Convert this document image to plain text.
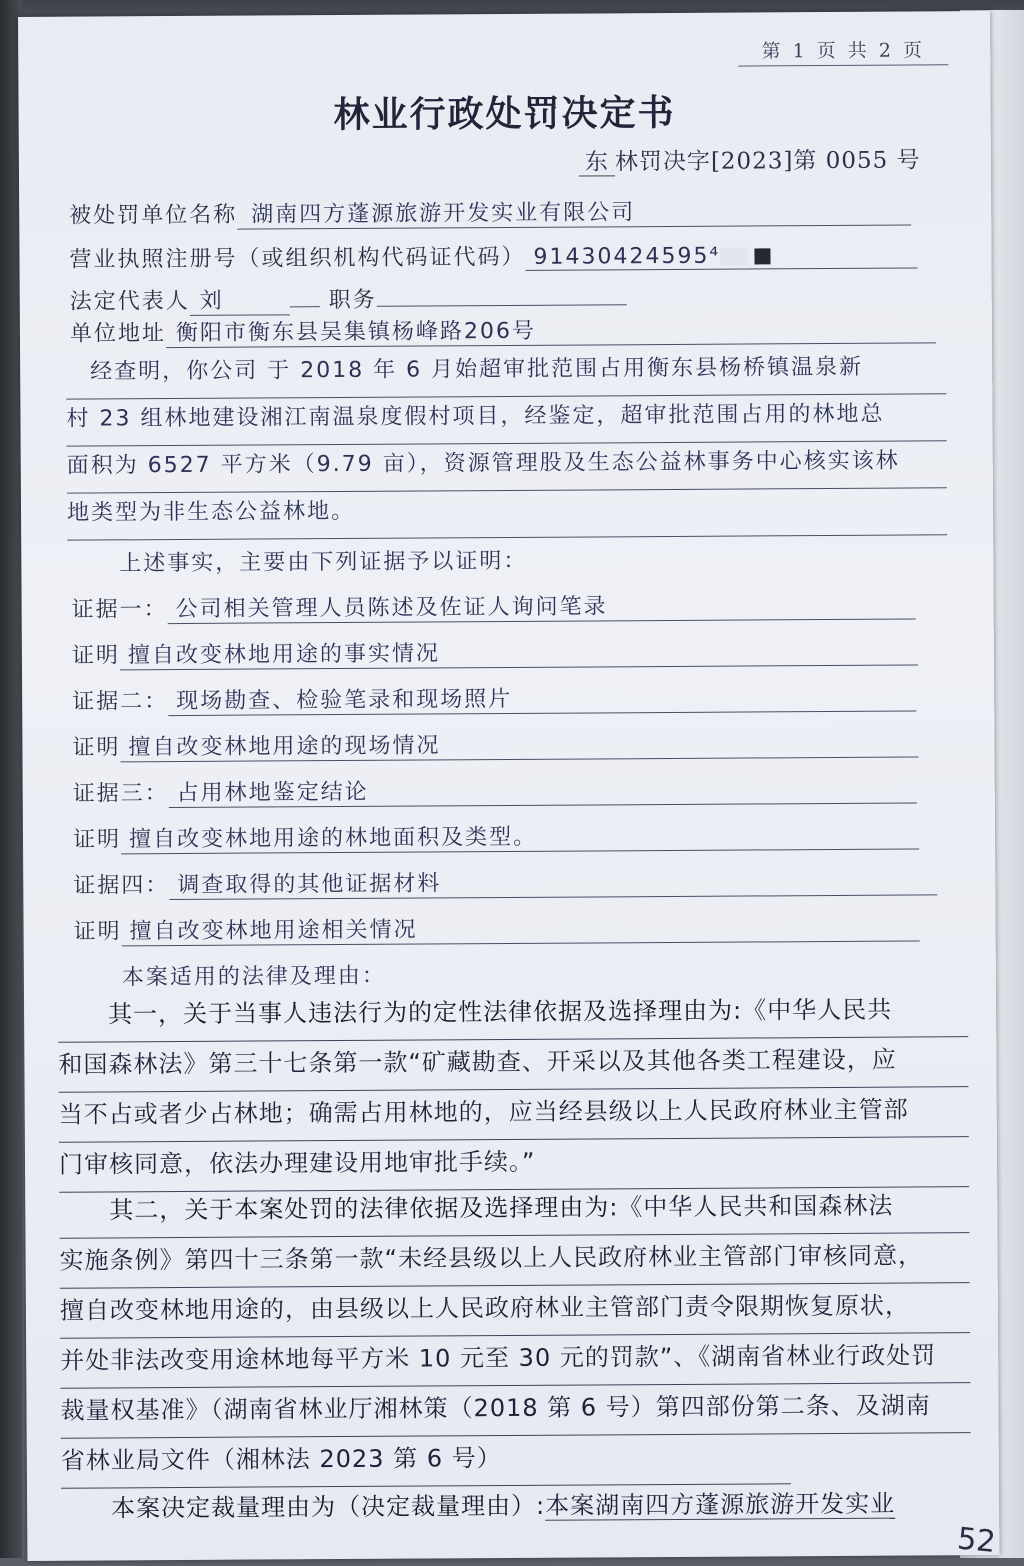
第 1 页 共 2 页
林业行政处罚决定书
东 林罚决字[2023]第 0055 号
被处罚单位名称 湖南四方蓬源旅游开发实业有限公司
营业执照注册号（或组织机构代码证代码） 91430424595⁴
法定代表人 刘	职务
单位地址 衡阳市衡东县吴集镇杨峰路206号
　经查明，你公司 于 2018 年 6 月始超审批范围占用衡东县杨桥镇温泉新
村 23 组林地建设湘江南温泉度假村项目，经鉴定，超审批范围占用的林地总
面积为 6527 平方米（9.79 亩），资源管理股及生态公益林事务中心核实该林
地类型为非生态公益林地。
　　上述事实，主要由下列证据予以证明：
证据一： 公司相关管理人员陈述及佐证人询问笔录
证明 擅自改变林地用途的事实情况
证据二： 现场勘查、检验笔录和现场照片
证明 擅自改变林地用途的现场情况
证据三： 占用林地鉴定结论
证明 擅自改变林地用途的林地面积及类型。
证据四： 调查取得的其他证据材料
证明 擅自改变林地用途相关情况
　　本案适用的法律及理由：
　　其一，关于当事人违法行为的定性法律依据及选择理由为:《中华人民共
和国森林法》第三十七条第一款“矿藏勘查、开采以及其他各类工程建设，应
当不占或者少占林地；确需占用林地的，应当经县级以上人民政府林业主管部
门审核同意，依法办理建设用地审批手续。”
　　其二，关于本案处罚的法律依据及选择理由为:《中华人民共和国森林法
实施条例》第四十三条第一款“未经县级以上人民政府林业主管部门审核同意，
擅自改变林地用途的，由县级以上人民政府林业主管部门责令限期恢复原状，
并处非法改变用途林地每平方米 10 元至 30 元的罚款”、《湖南省林业行政处罚
裁量权基准》（湖南省林业厅湘林策（2018 第 6 号）第四部份第二条、及湖南
省林业局文件（湘林法 2023 第 6 号）
　　本案决定裁量理由为（决定裁量理由）:本案湖南四方蓬源旅游开发实业
52
